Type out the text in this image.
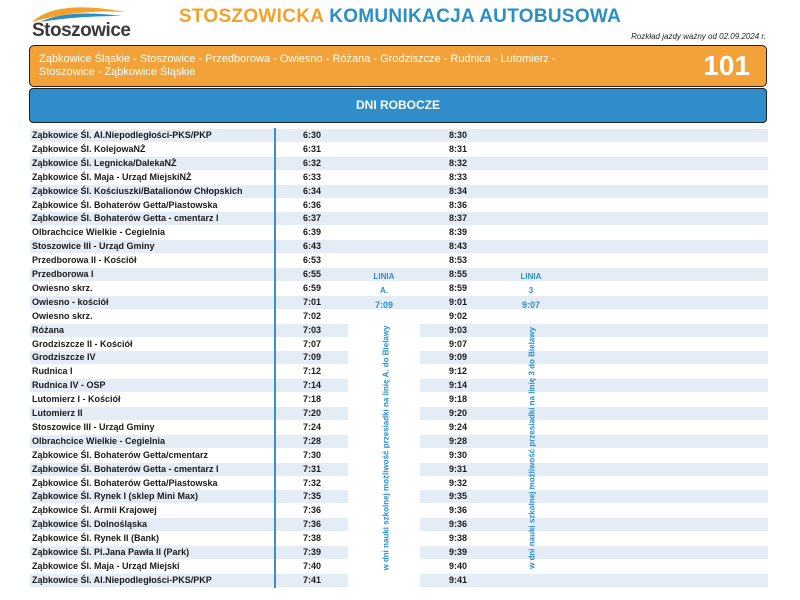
Stoszowice
STOSZOWICKA KOMUNIKACJA AUTOBUSOWA
Rozkład jazdy ważny od 02.09.2024 r.
Ząbkowice Śląskie - Stoszowice - Przedborowa - Owiesno - Różana - Grodziszcze - Rudnica - Lutomierz -
Stoszowice - Ząbkowice Śląskie	101
DNI ROBOCZE
Ząbkowice Śl. Al.Niepodległości-PKS/PKP	6:30	8:30
Ząbkowice Śl. KolejowaNŻ	6:31	8:31
Ząbkowice Śl. Legnicka/DalekaNŻ	6:32	8:32
Ząbkowice Śl. Maja - Urząd MiejskiNŻ	6:33	8:33
Ząbkowice Śl. Kościuszki/Batalionów Chłopskich	6:34	8:34
Ząbkowice Śl. Bohaterów Getta/Piastowska	6:36	8:36
Ząbkowice Śl. Bohaterów Getta - cmentarz I	6:37	8:37
Olbrachcice Wielkie - Cegielnia	6:39	8:39
Stoszowice III - Urząd Gminy	6:43	8:43
Przedborowa II - Kościół	6:53	8:53
Przedborowa I	6:55	8:55
Owiesno skrz.	6:59	8:59
Owiesno - kościół	7:01	9:01
Owiesno skrz.	7:02	9:02
Różana	7:03	9:03
Grodziszcze II - Kościół	7:07	9:07
Grodziszcze IV	7:09	9:09
Rudnica I	7:12	9:12
Rudnica IV - OSP	7:14	9:14
Lutomierz I - Kościół	7:18	9:18
Lutomierz II	7:20	9:20
Stoszowice III - Urząd Gminy	7:24	9:24
Olbrachcice Wielkie - Cegielnia	7:28	9:28
Ząbkowice Śl. Bohaterów Getta/cmentarz	7:30	9:30
Ząbkowice Śl. Bohaterów Getta - cmentarz I	7:31	9:31
Ząbkowice Śl. Bohaterów Getta/Piastowska	7:32	9:32
Ząbkowice Śl. Rynek I (sklep Mini Max)	7:35	9:35
Ząbkowice Śl. Armii Krajowej	7:36	9:36
Ząbkowice Śl. Dolnośląska	7:36	9:36
Ząbkowice Śl. Rynek II (Bank)	7:38	9:38
Ząbkowice Śl. Pl.Jana Pawła II (Park)	7:39	9:39
Ząbkowice Śl. Maja - Urząd Miejski	7:40	9:40
Ząbkowice Śl. Al.Niepodległości-PKS/PKP	7:41	9:41
LINIA
A.
7:09
w dni nauki szkolnej możliwość przesiadki na linię A. do Bielawy
LINIA
3
9:07
w dni nauki szkolnej możliwość przesiadki na linię 3 do Bielawy
